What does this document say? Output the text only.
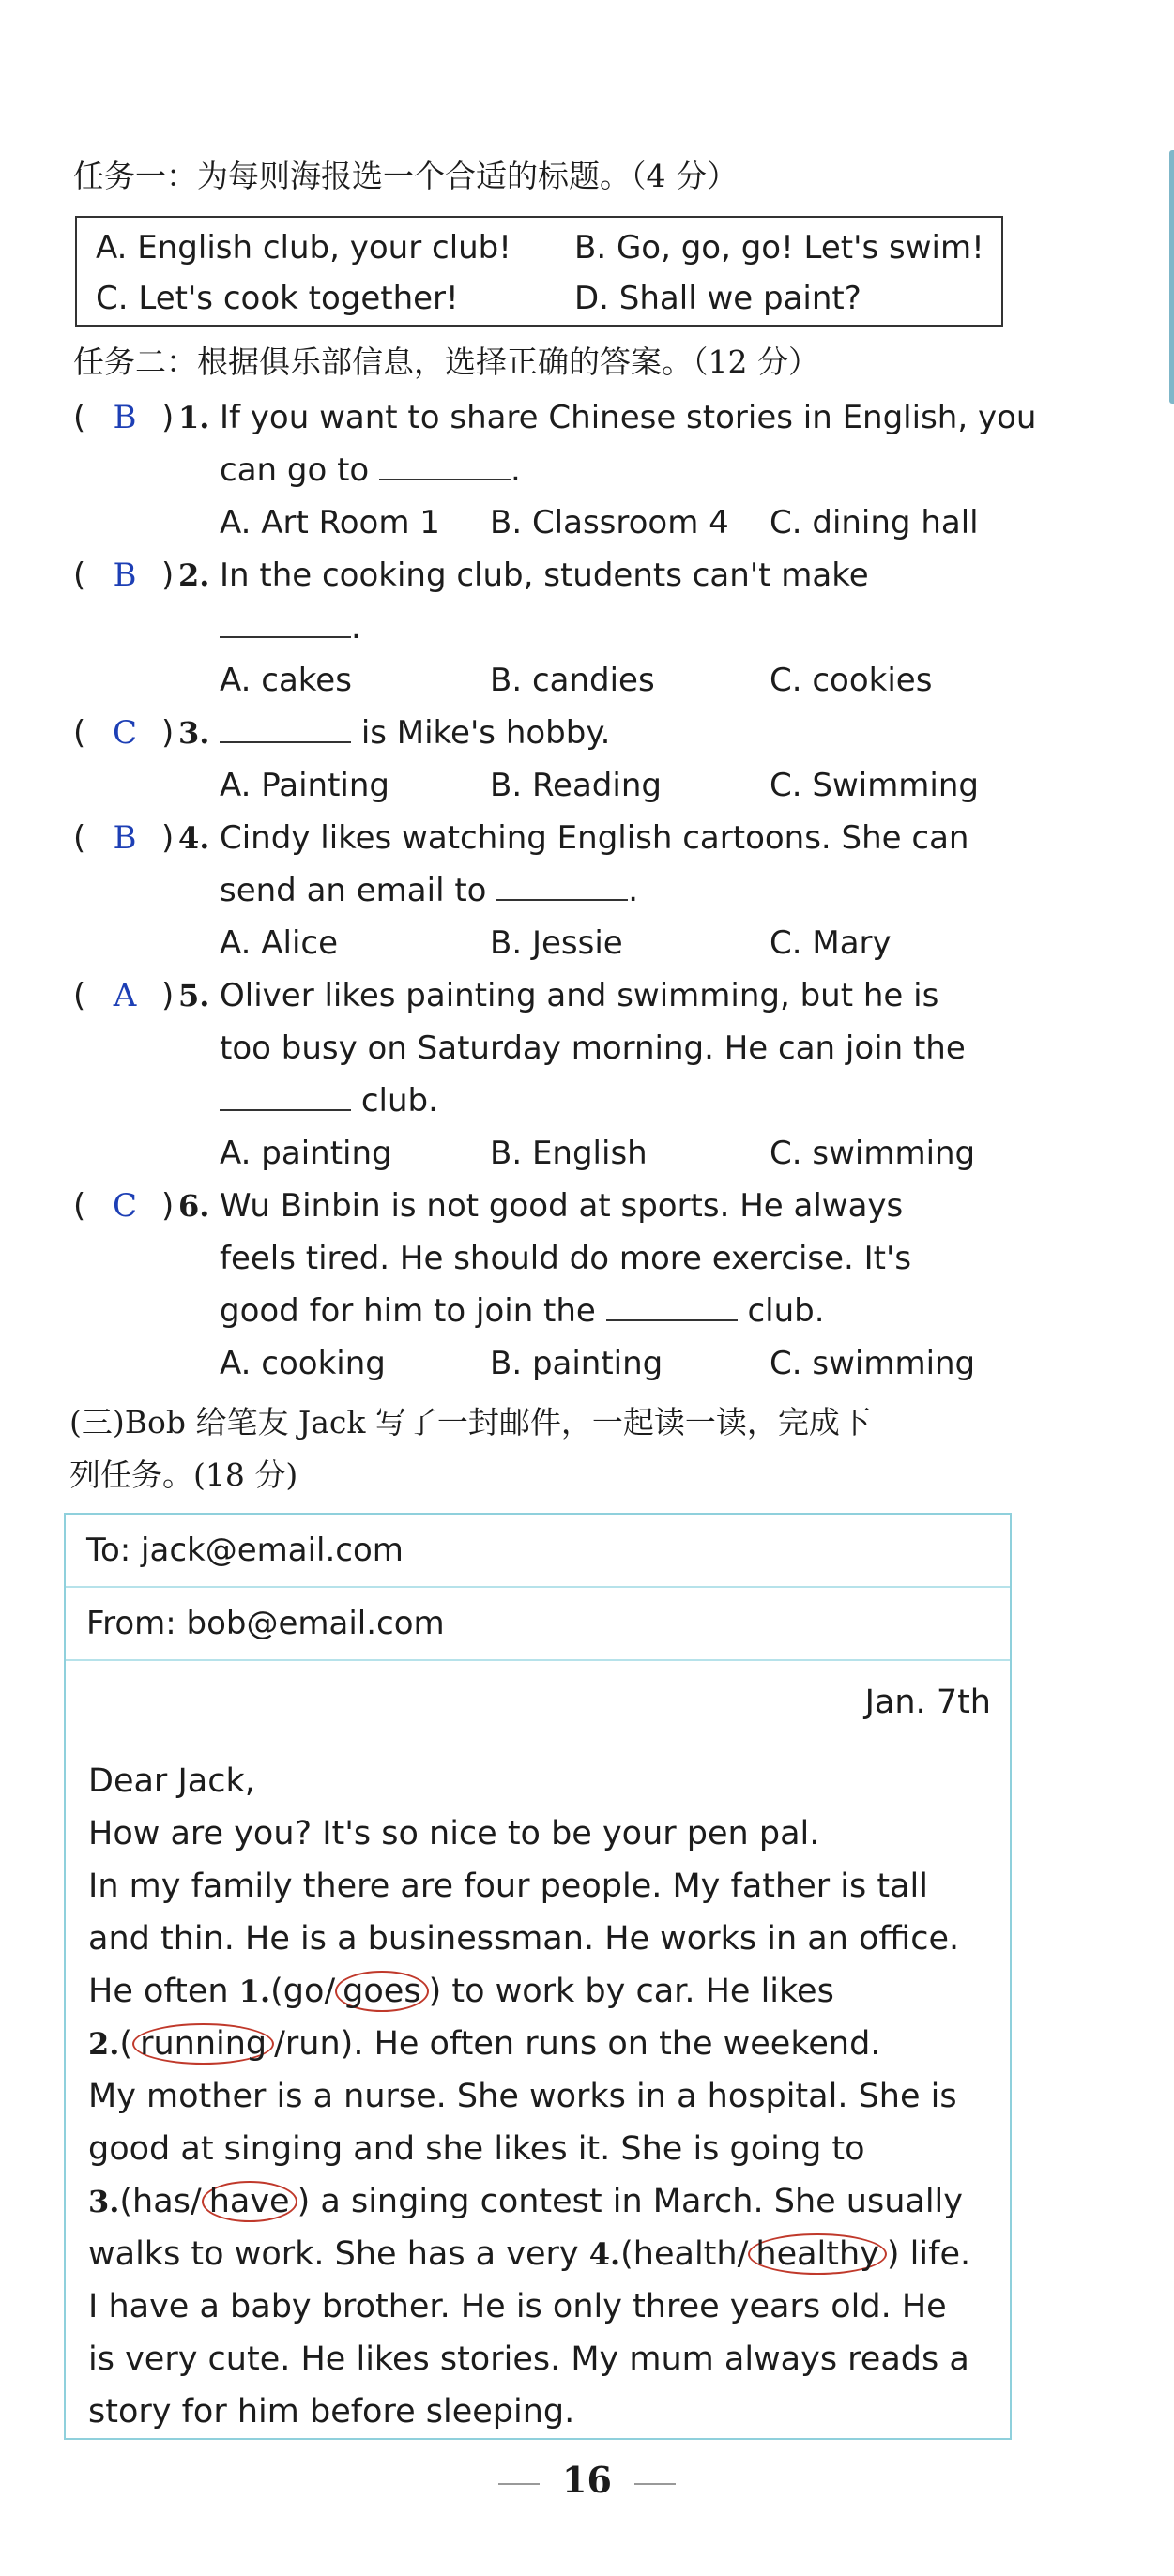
任务一：为每则海报选一个合适的标题。（4 分）
A. English club, your club! B. Go, go, go! Let's swim!
C. Let's cook together!	D. Shall we paint?
任务二：根据俱乐部信息，选择正确的答案。（12 分）
( B ) 1. If you want to share Chinese stories in English, you
can go to	.
A. Art Room 1 B. Classroom 4 C. dining hall
( B ) 2. In the cooking club, students can't make
.
A. cakes	B. candies	C. cookies
( C ) 3.	is Mike's hobby.
A. Painting	B. Reading	C. Swimming
( B ) 4. Cindy likes watching English cartoons. She can
send an email to	.
A. Alice	B. Jessie	C. Mary
( A ) 5. Oliver likes painting and swimming, but he is
too busy on Saturday morning. He can join the
club.
A. painting	B. English	C. swimming
( C ) 6. Wu Binbin is not good at sports. He always
feels tired. He should do more exercise. It's
good for him to join the	club.
A. cooking	B. painting	C. swimming
(三)Bob 给笔友 Jack 写了一封邮件，一起读一读，完成下
列任务。(18 分)
To: jack@email.com
From: bob@email.com
Jan. 7th
Dear Jack,
How are you? It's so nice to be your pen pal.
In my family there are four people. My father is tall
and thin. He is a businessman. He works in an office.
He often 1.(go/ goes ) to work by car. He likes
2.( running /run). He often runs on the weekend.
My mother is a nurse. She works in a hospital. She is
good at singing and she likes it. She is going to
3.(has/ have ) a singing contest in March. She usually
walks to work. She has a very 4.(health/ healthy ) life.
I have a baby brother. He is only three years old. He
is very cute. He likes stories. My mum always reads a
story for him before sleeping.
16
